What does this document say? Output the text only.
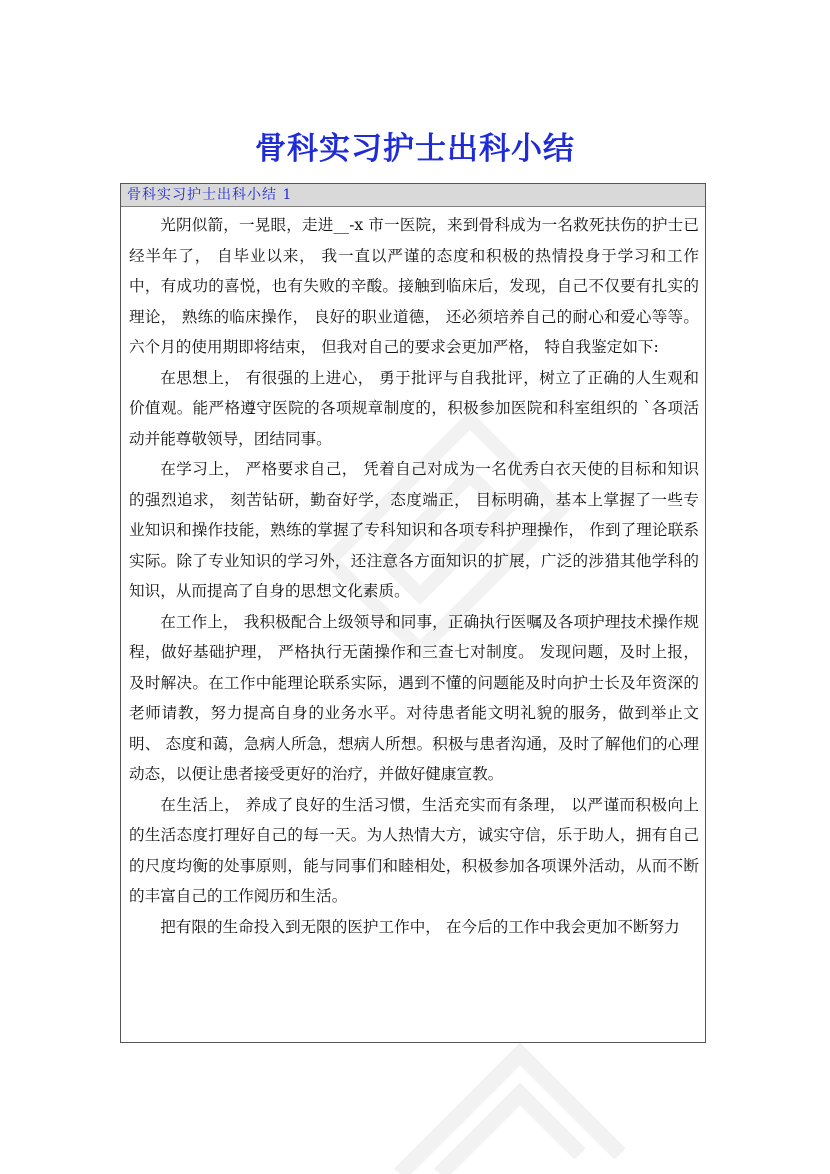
骨科实习护士出科小结
骨科实习护士出科小结 1

光阴似箭，一晃眼，走进__-x 市一医院，来到骨科成为一名救死扶伤的护士已经半年了， 自毕业以来， 我一直以严谨的态度和积极的热情投身于学习和工作中，有成功的喜悦，也有失败的辛酸。接触到临床后，发现，自己不仅要有扎实的理论， 熟练的临床操作， 良好的职业道德， 还必须培养自己的耐心和爱心等等。六个月的使用期即将结束， 但我对自己的要求会更加严格， 特自我鉴定如下:

在思想上， 有很强的上进心， 勇于批评与自我批评，树立了正确的人生观和价值观。能严格遵守医院的各项规章制度的，积极参加医院和科室组织的 `各项活动并能尊敬领导，团结同事。

在学习上， 严格要求自己， 凭着自己对成为一名优秀白衣天使的目标和知识的强烈追求， 刻苦钻研，勤奋好学，态度端正， 目标明确，基本上掌握了一些专业知识和操作技能，熟练的掌握了专科知识和各项专科护理操作， 作到了理论联系实际。除了专业知识的学习外，还注意各方面知识的扩展，广泛的涉猎其他学科的知识，从而提高了自身的思想文化素质。

在工作上， 我积极配合上级领导和同事，正确执行医嘱及各项护理技术操作规程，做好基础护理， 严格执行无菌操作和三查七对制度。 发现问题，及时上报，及时解决。在工作中能理论联系实际，遇到不懂的问题能及时向护士长及年资深的老师请教，努力提高自身的业务水平。对待患者能文明礼貌的服务，做到举止文明、 态度和蔼，急病人所急，想病人所想。积极与患者沟通，及时了解他们的心理动态，以便让患者接受更好的治疗，并做好健康宣教。

在生活上， 养成了良好的生活习惯，生活充实而有条理， 以严谨而积极向上的生活态度打理好自己的每一天。为人热情大方，诚实守信，乐于助人，拥有自己的尺度均衡的处事原则，能与同事们和睦相处，积极参加各项课外活动，从而不断的丰富自己的工作阅历和生活。

把有限的生命投入到无限的医护工作中， 在今后的工作中我会更加不断努力
